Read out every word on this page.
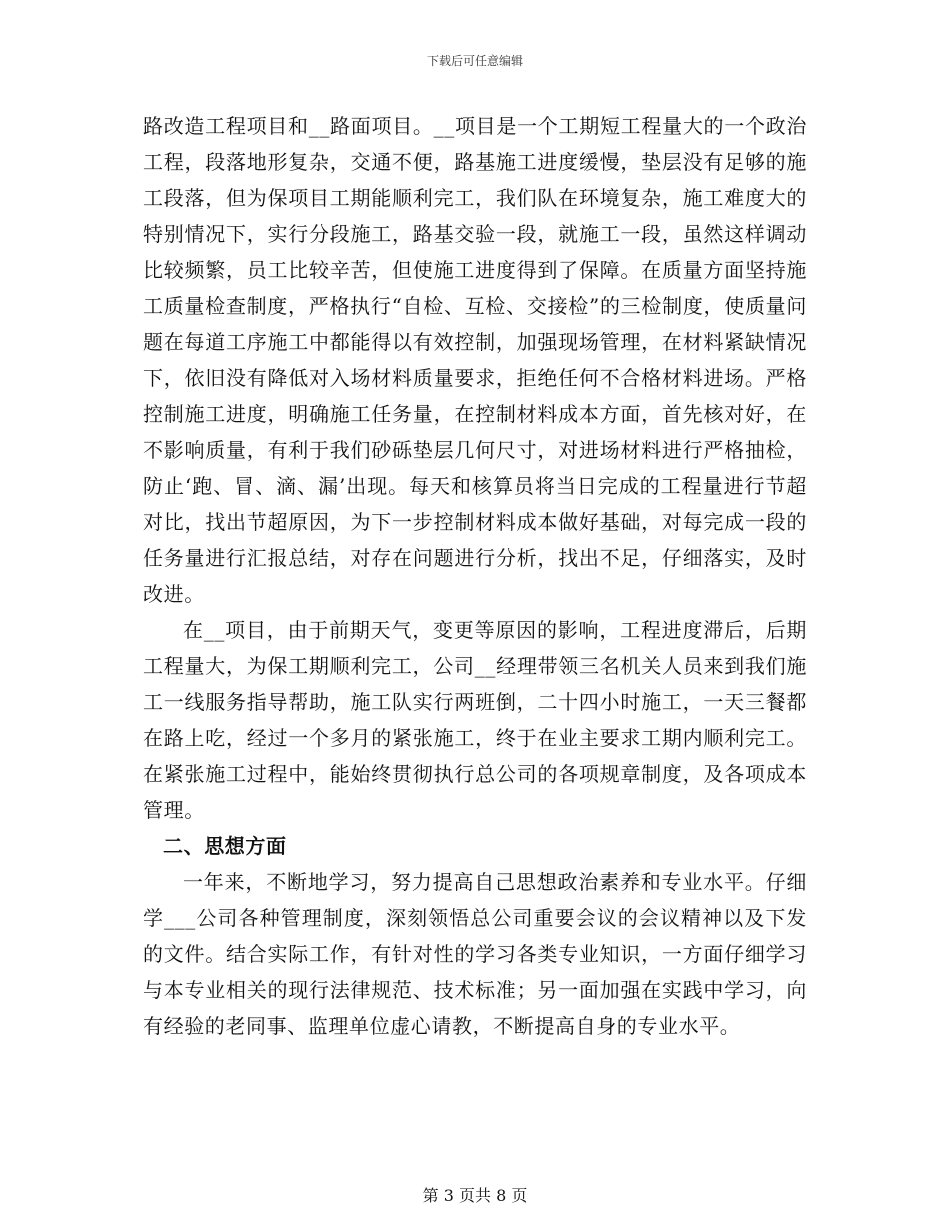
下载后可任意编辑

路改造工程项目和__路面项目。__项目是一个工期短工程量大的一个政治工程，段落地形复杂，交通不便，路基施工进度缓慢，垫层没有足够的施工段落，但为保项目工期能顺利完工，我们队在环境复杂，施工难度大的特别情况下，实行分段施工，路基交验一段，就施工一段，虽然这样调动比较频繁，员工比较辛苦，但使施工进度得到了保障。在质量方面坚持施工质量检查制度，严格执行“自检、互检、交接检”的三检制度，使质量问题在每道工序施工中都能得以有效控制，加强现场管理，在材料紧缺情况下，依旧没有降低对入场材料质量要求，拒绝任何不合格材料进场。严格控制施工进度，明确施工任务量，在控制材料成本方面，首先核对好，在不影响质量，有利于我们砂砾垫层几何尺寸，对进场材料进行严格抽检，防止‘跑、冒、滴、漏’出现。每天和核算员将当日完成的工程量进行节超对比，找出节超原因，为下一步控制材料成本做好基础，对每完成一段的任务量进行汇报总结，对存在问题进行分析，找出不足，仔细落实，及时改进。

在__项目，由于前期天气，变更等原因的影响，工程进度滞后，后期工程量大，为保工期顺利完工，公司__经理带领三名机关人员来到我们施工一线服务指导帮助，施工队实行两班倒，二十四小时施工，一天三餐都在路上吃，经过一个多月的紧张施工，终于在业主要求工期内顺利完工。在紧张施工过程中，能始终贯彻执行总公司的各项规章制度，及各项成本管理。

二、思想方面

一年来，不断地学习，努力提高自己思想政治素养和专业水平。仔细学___公司各种管理制度，深刻领悟总公司重要会议的会议精神以及下发的文件。结合实际工作，有针对性的学习各类专业知识，一方面仔细学习与本专业相关的现行法律规范、技术标准；另一面加强在实践中学习，向有经验的老同事、监理单位虚心请教，不断提高自身的专业水平。

第 3 页共 8 页
